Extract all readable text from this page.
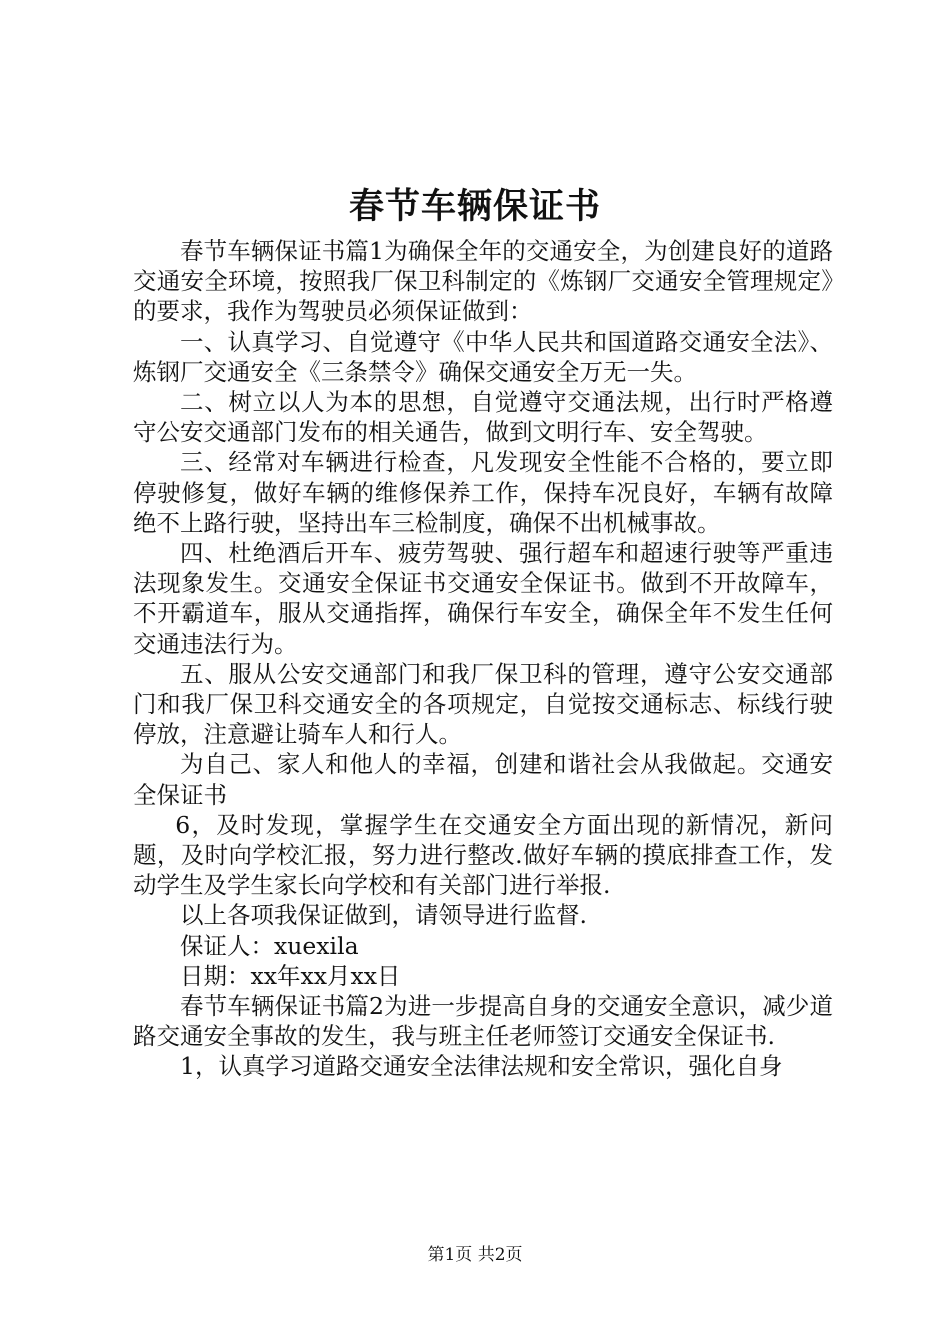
春节车辆保证书

春节车辆保证书篇1为确保全年的交通安全，为创建良好的道路交通安全环境，按照我厂保卫科制定的《炼钢厂交通安全管理规定》的要求，我作为驾驶员必须保证做到：

一、认真学习、自觉遵守《中华人民共和国道路交通安全法》、炼钢厂交通安全《三条禁令》确保交通安全万无一失。

二、树立以人为本的思想，自觉遵守交通法规，出行时严格遵守公安交通部门发布的相关通告，做到文明行车、安全驾驶。

三、经常对车辆进行检查，凡发现安全性能不合格的，要立即停驶修复，做好车辆的维修保养工作，保持车况良好，车辆有故障绝不上路行驶，坚持出车三检制度，确保不出机械事故。

四、杜绝酒后开车、疲劳驾驶、强行超车和超速行驶等严重违法现象发生。交通安全保证书交通安全保证书。做到不开故障车，不开霸道车，服从交通指挥，确保行车安全，确保全年不发生任何交通违法行为。

五、服从公安交通部门和我厂保卫科的管理，遵守公安交通部门和我厂保卫科交通安全的各项规定，自觉按交通标志、标线行驶停放，注意避让骑车人和行人。

为自己、家人和他人的幸福，创建和谐社会从我做起。交通安全保证书

6，及时发现，掌握学生在交通安全方面出现的新情况，新问题，及时向学校汇报，努力进行整改.做好车辆的摸底排查工作，发动学生及学生家长向学校和有关部门进行举报.

以上各项我保证做到，请领导进行监督.

保证人：xuexila

日期：xx年xx月xx日

春节车辆保证书篇2为进一步提高自身的交通安全意识，减少道路交通安全事故的发生，我与班主任老师签订交通安全保证书.

1，认真学习道路交通安全法律法规和安全常识，强化自身

第1页 共2页
